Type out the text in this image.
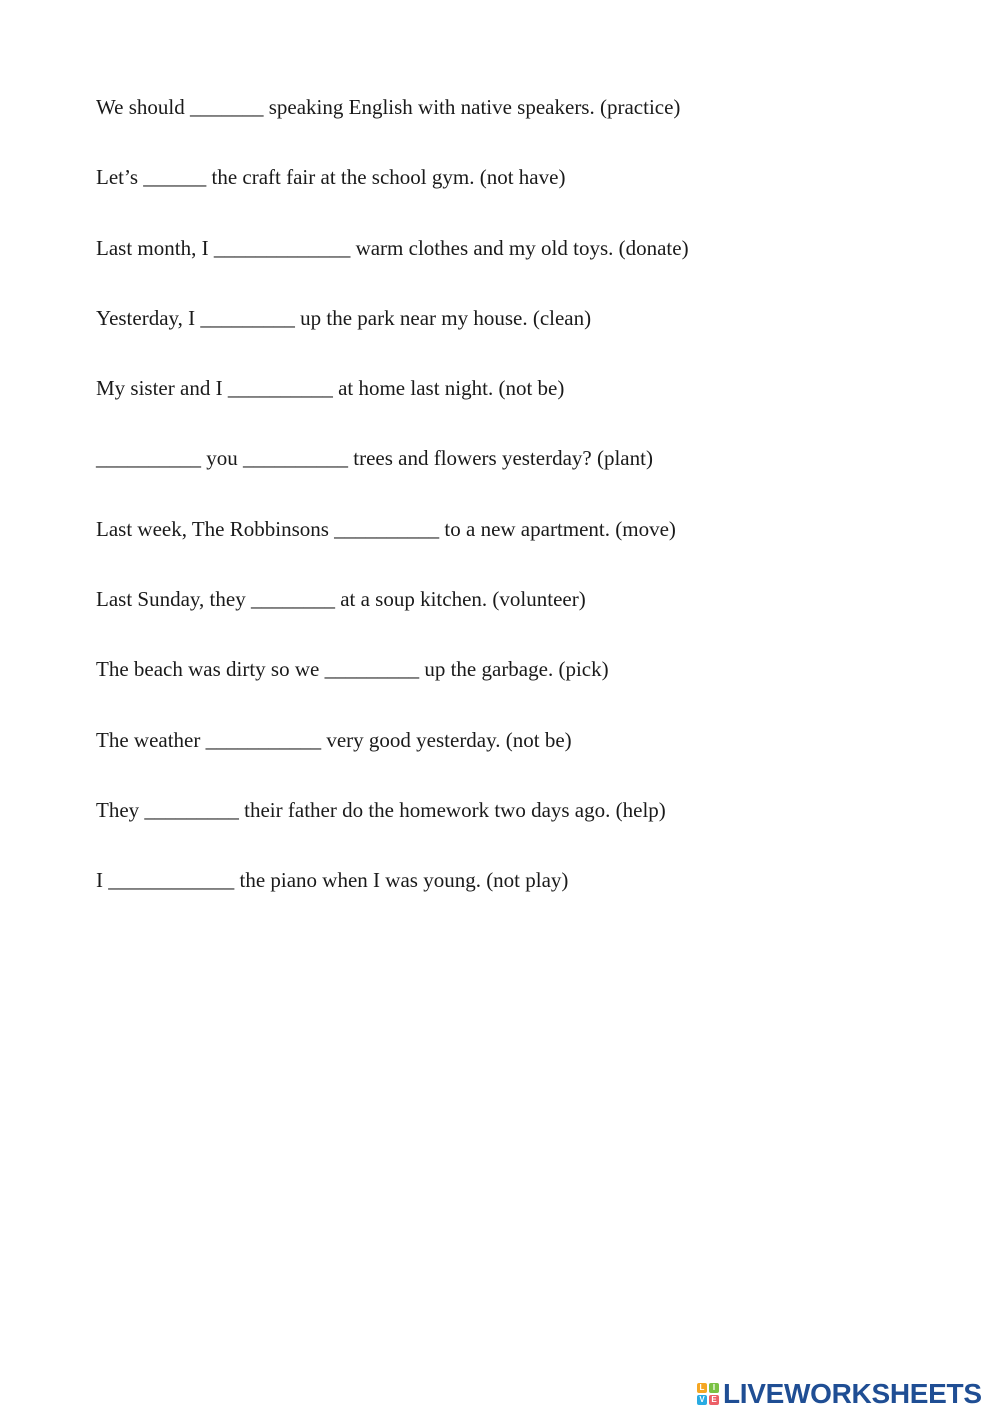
We should _______ speaking English with native speakers. (practice)
Let’s ______ the craft fair at the school gym. (not have)
Last month, I _____________ warm clothes and my old toys. (donate)
Yesterday, I _________ up the park near my house. (clean)
My sister and I __________ at home last night. (not be)
__________ you __________ trees and flowers yesterday? (plant)
Last week, The Robbinsons __________ to a new apartment. (move)
Last Sunday, they ________ at a soup kitchen. (volunteer)
The beach was dirty so we _________ up the garbage. (pick)
The weather ___________ very good yesterday. (not be)
They _________ their father do the homework two days ago. (help)
I ____________ the piano when I was young. (not play)
L	I
V E LIVEWORKSHEETS
